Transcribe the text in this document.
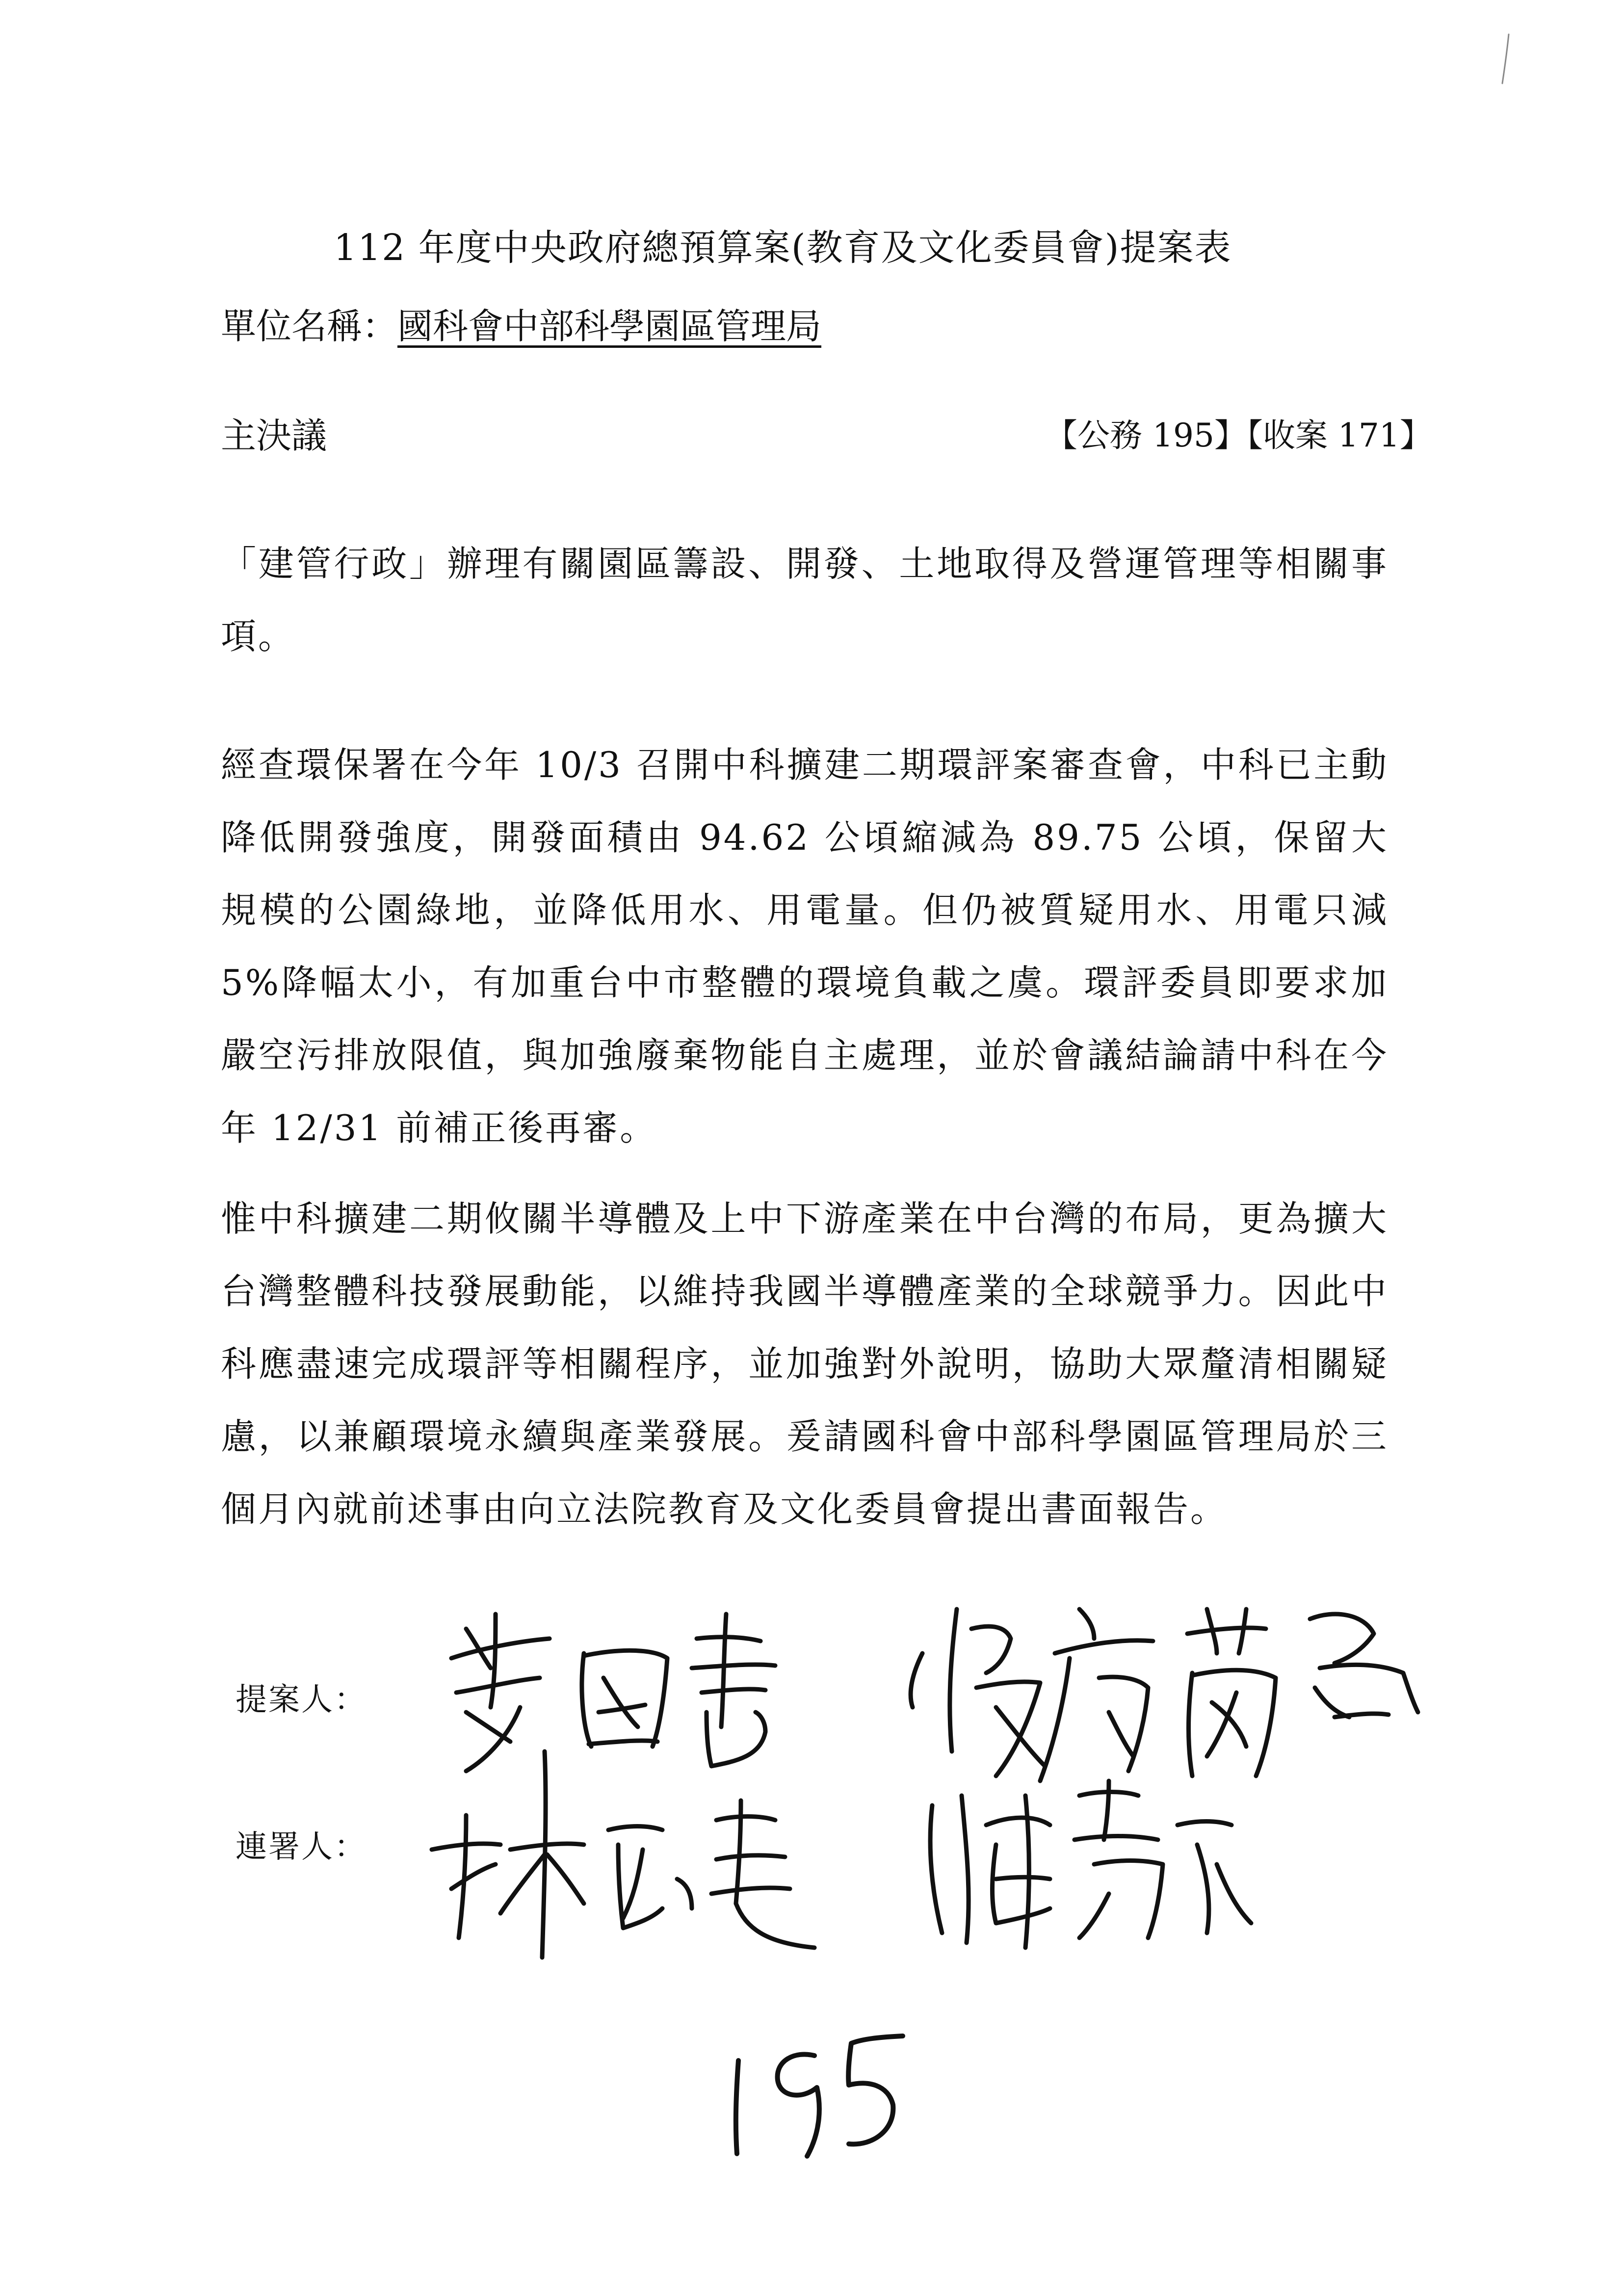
112 年度中央政府總預算案(教育及文化委員會)提案表
單位名稱：國科會中部科學園區管理局
主決議	【公務 195】【收案 171】

「建管行政」辦理有關園區籌設、開發、土地取得及營運管理等相關事項。

經查環保署在今年 10/3 召開中科擴建二期環評案審查會，中科已主動降低開發強度，開發面積由 94.62 公頃縮減為 89.75 公頃，保留大規模的公園綠地，並降低用水、用電量。但仍被質疑用水、用電只減 5%降幅太小，有加重台中市整體的環境負載之虞。環評委員即要求加嚴空污排放限值，與加強廢棄物能自主處理，並於會議結論請中科在今年 12/31 前補正後再審。

惟中科擴建二期攸關半導體及上中下游產業在中台灣的布局，更為擴大台灣整體科技發展動能，以維持我國半導體產業的全球競爭力。因此中科應盡速完成環評等相關程序，並加強對外說明，協助大眾釐清相關疑慮，以兼顧環境永續與產業發展。爰請國科會中部科學園區管理局於三個月內就前述事由向立法院教育及文化委員會提出書面報告。

提案人：
連署人：
